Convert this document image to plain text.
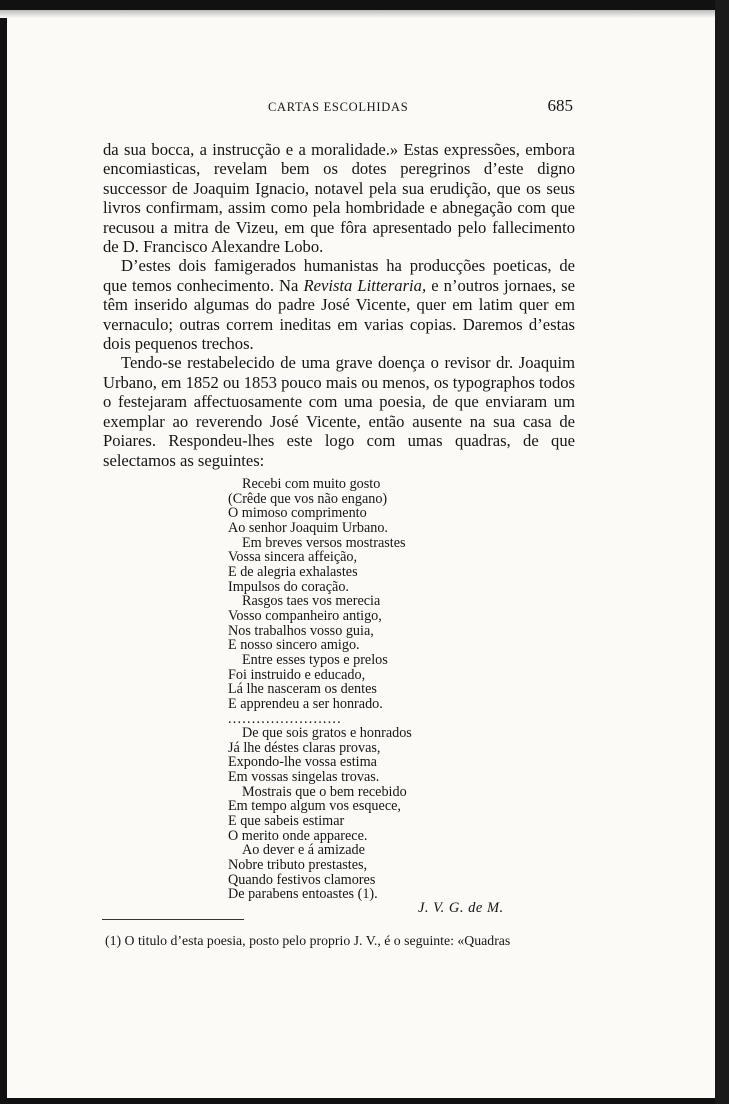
CARTAS ESCOLHIDAS	685

da sua bocca, a instrucção e a moralidade.» Estas expressões, embora encomiasticas, revelam bem os dotes peregrinos d’este digno successor de Joaquim Ignacio, notavel pela sua erudição, que os seus livros confirmam, assim como pela hombridade e abnegação com que recusou a mitra de Vizeu, em que fôra apresentado pelo fallecimento de D. Francisco Alexandre Lobo.

D’estes dois famigerados humanistas ha producções poeticas, de que temos conhecimento. Na Revista Litteraria, e n’outros jornaes, se têm inserido algumas do padre José Vicente, quer em latim quer em vernaculo; outras correm ineditas em varias copias. Daremos d’estas dois pequenos trechos.

Tendo-se restabelecido de uma grave doença o revisor dr. Joaquim Urbano, em 1852 ou 1853 pouco mais ou menos, os typographos todos o festejaram affectuosamente com uma poesia, de que enviaram um exemplar ao reverendo José Vicente, então ausente na sua casa de Poiares. Respondeu-lhes este logo com umas quadras, de que selectamos as seguintes:

Recebi com muito gosto
(Crêde que vos não engano)
O mimoso comprimento
Ao senhor Joaquim Urbano.
Em breves versos mostrastes
Vossa sincera affeição,
E de alegria exhalastes
Impulsos do coração.
Rasgos taes vos merecia
Vosso companheiro antigo,
Nos trabalhos vosso guia,
E nosso sincero amigo.
Entre esses typos e prelos
Foi instruido e educado,
Lá lhe nasceram os dentes
E apprendeu a ser honrado.
........................
De que sois gratos e honrados
Já lhe déstes claras provas,
Expondo-lhe vossa estima
Em vossas singelas trovas.
Mostrais que o bem recebido
Em tempo algum vos esquece,
E que sabeis estimar
O merito onde apparece.
Ao dever e á amizade
Nobre tributo prestastes,
Quando festivos clamores
De parabens entoastes (1).
J. V. G. de M.
(1) O titulo d’esta poesia, posto pelo proprio J. V., é o seguinte: «Quadras
